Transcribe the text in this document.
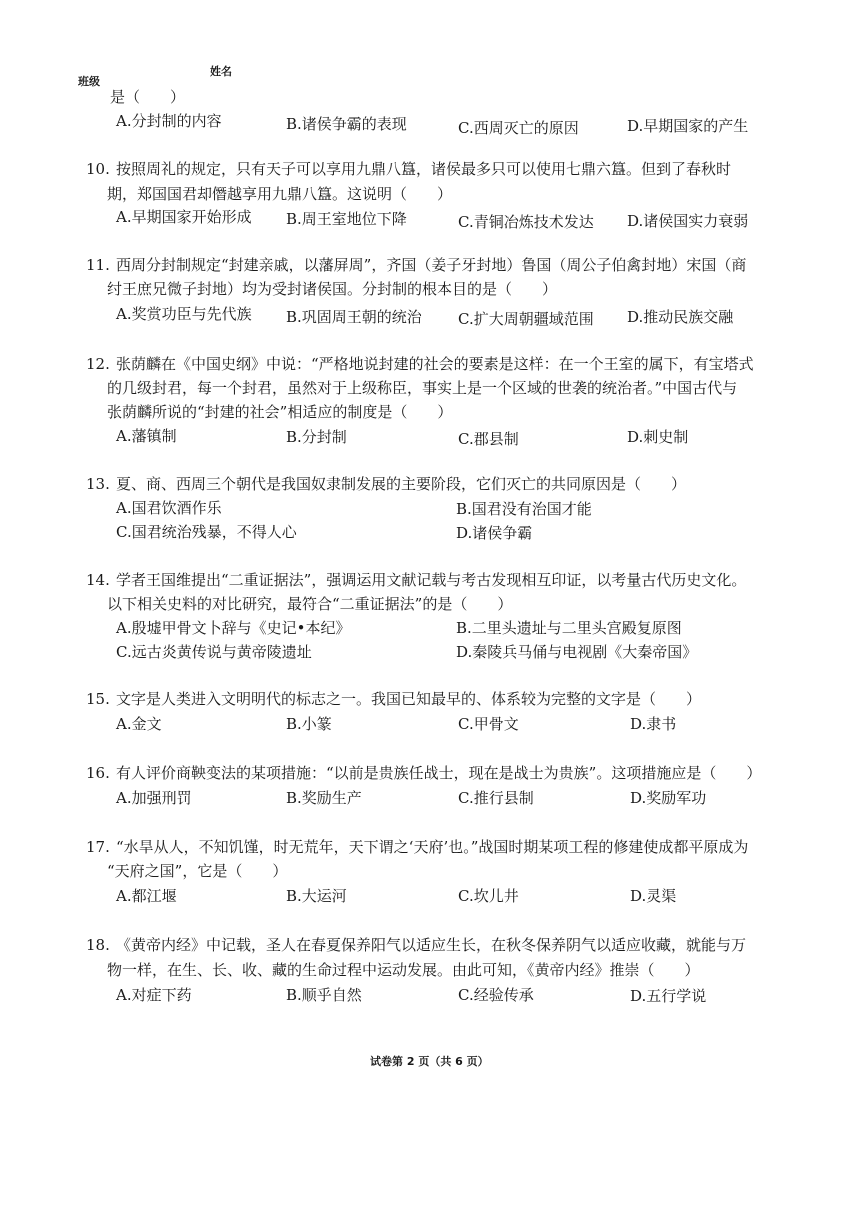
班级
姓名
是（　　）
A.分封制的内容	B.诸侯争霸的表现	C.西周灭亡的原因	D.早期国家的产生
10. 按照周礼的规定，只有天子可以享用九鼎八簋，诸侯最多只可以使用七鼎六簋。但到了春秋时
期，郑国国君却僭越享用九鼎八簋。这说明（　　）
A.早期国家开始形成 B.周王室地位下降	C.青铜冶炼技术发达 D.诸侯国实力衰弱
11. 西周分封制规定“封建亲戚，以藩屏周”，齐国（姜子牙封地）鲁国（周公子伯禽封地）宋国（商
纣王庶兄微子封地）均为受封诸侯国。分封制的根本目的是（　　）
A.奖赏功臣与先代族 B.巩固周王朝的统治 C.扩大周朝疆域范围 D.推动民族交融
12. 张荫麟在《中国史纲》中说：“严格地说封建的社会的要素是这样：在一个王室的属下，有宝塔式
的几级封君，每一个封君，虽然对于上级称臣，事实上是一个区域的世袭的统治者。”中国古代与
张荫麟所说的“封建的社会”相适应的制度是（　　）
A.藩镇制	B.分封制	C.郡县制	D.刺史制
13. 夏、商、西周三个朝代是我国奴隶制发展的主要阶段，它们灭亡的共同原因是（　　）
A.国君饮酒作乐	B.国君没有治国才能
C.国君统治残暴，不得人心	D.诸侯争霸
14. 学者王国维提出“二重证据法”，强调运用文献记载与考古发现相互印证，以考量古代历史文化。
以下相关史料的对比研究，最符合“二重证据法”的是（　　）
A.殷墟甲骨文卜辞与《史记•本纪》	B.二里头遗址与二里头宫殿复原图
C.远古炎黄传说与黄帝陵遗址	D.秦陵兵马俑与电视剧《大秦帝国》
15. 文字是人类进入文明明代的标志之一。我国已知最早的、体系较为完整的文字是（　　）
A.金文	B.小篆	C.甲骨文	D.隶书
16. 有人评价商鞅变法的某项措施：“以前是贵族任战士，现在是战士为贵族”。这项措施应是（　　）
A.加强刑罚	B.奖励生产	C.推行县制	D.奖励军功
17. “水旱从人，不知饥馑，时无荒年，天下谓之‘天府’也。”战国时期某项工程的修建使成都平原成为
“天府之国”，它是（　　）
A.都江堰	B.大运河	C.坎儿井	D.灵渠
18. 《黄帝内经》中记载，圣人在春夏保养阳气以适应生长，在秋冬保养阴气以适应收藏，就能与万
物一样，在生、长、收、藏的生命过程中运动发展。由此可知，《黄帝内经》推崇（　　）
A.对症下药	B.顺乎自然	C.经验传承	D.五行学说
试卷第 2 页（共 6 页）
